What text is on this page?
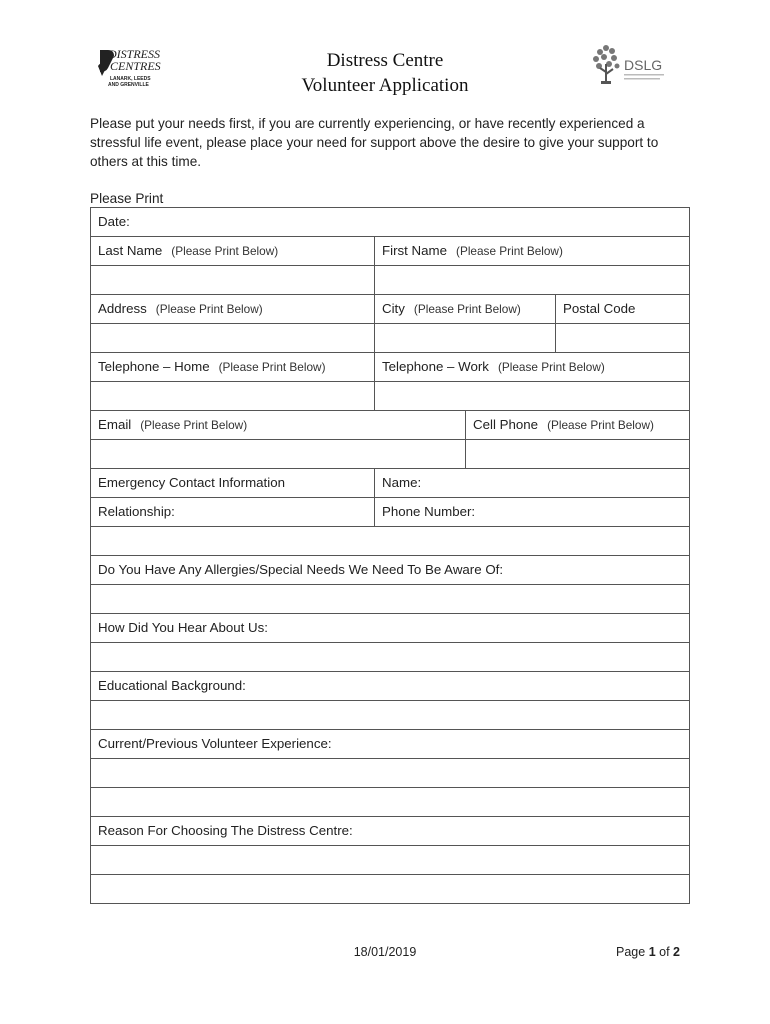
DISTRESS
CENTRES
LANARK, LEEDS
AND GRENVILLE
DSLG
Distress Centre
Volunteer Application
Please put your needs first, if you are currently experiencing, or have recently experienced a stressful life event, please place your need for support above the desire to give your support to others at this time.
Please Print
Date:			
Last Name (Please Print Below)	First Name (Please Print Below)		

Address (Please Print Below)	City (Please Print Below)		Postal Code

Telephone – Home (Please Print Below)	Telephone – Work (Please Print Below)		

Email (Please Print Below)		Cell Phone (Please Print Below)	

Emergency Contact Information	Name:		
Relationship:	Phone Number:		

Do You Have Any Allergies/Special Needs We Need To Be Aware Of:			

How Did You Hear About Us:			

Educational Background:			

Current/Previous Volunteer Experience:			

Reason For Choosing The Distress Centre:			

18/01/2019	Page 1 of 2
